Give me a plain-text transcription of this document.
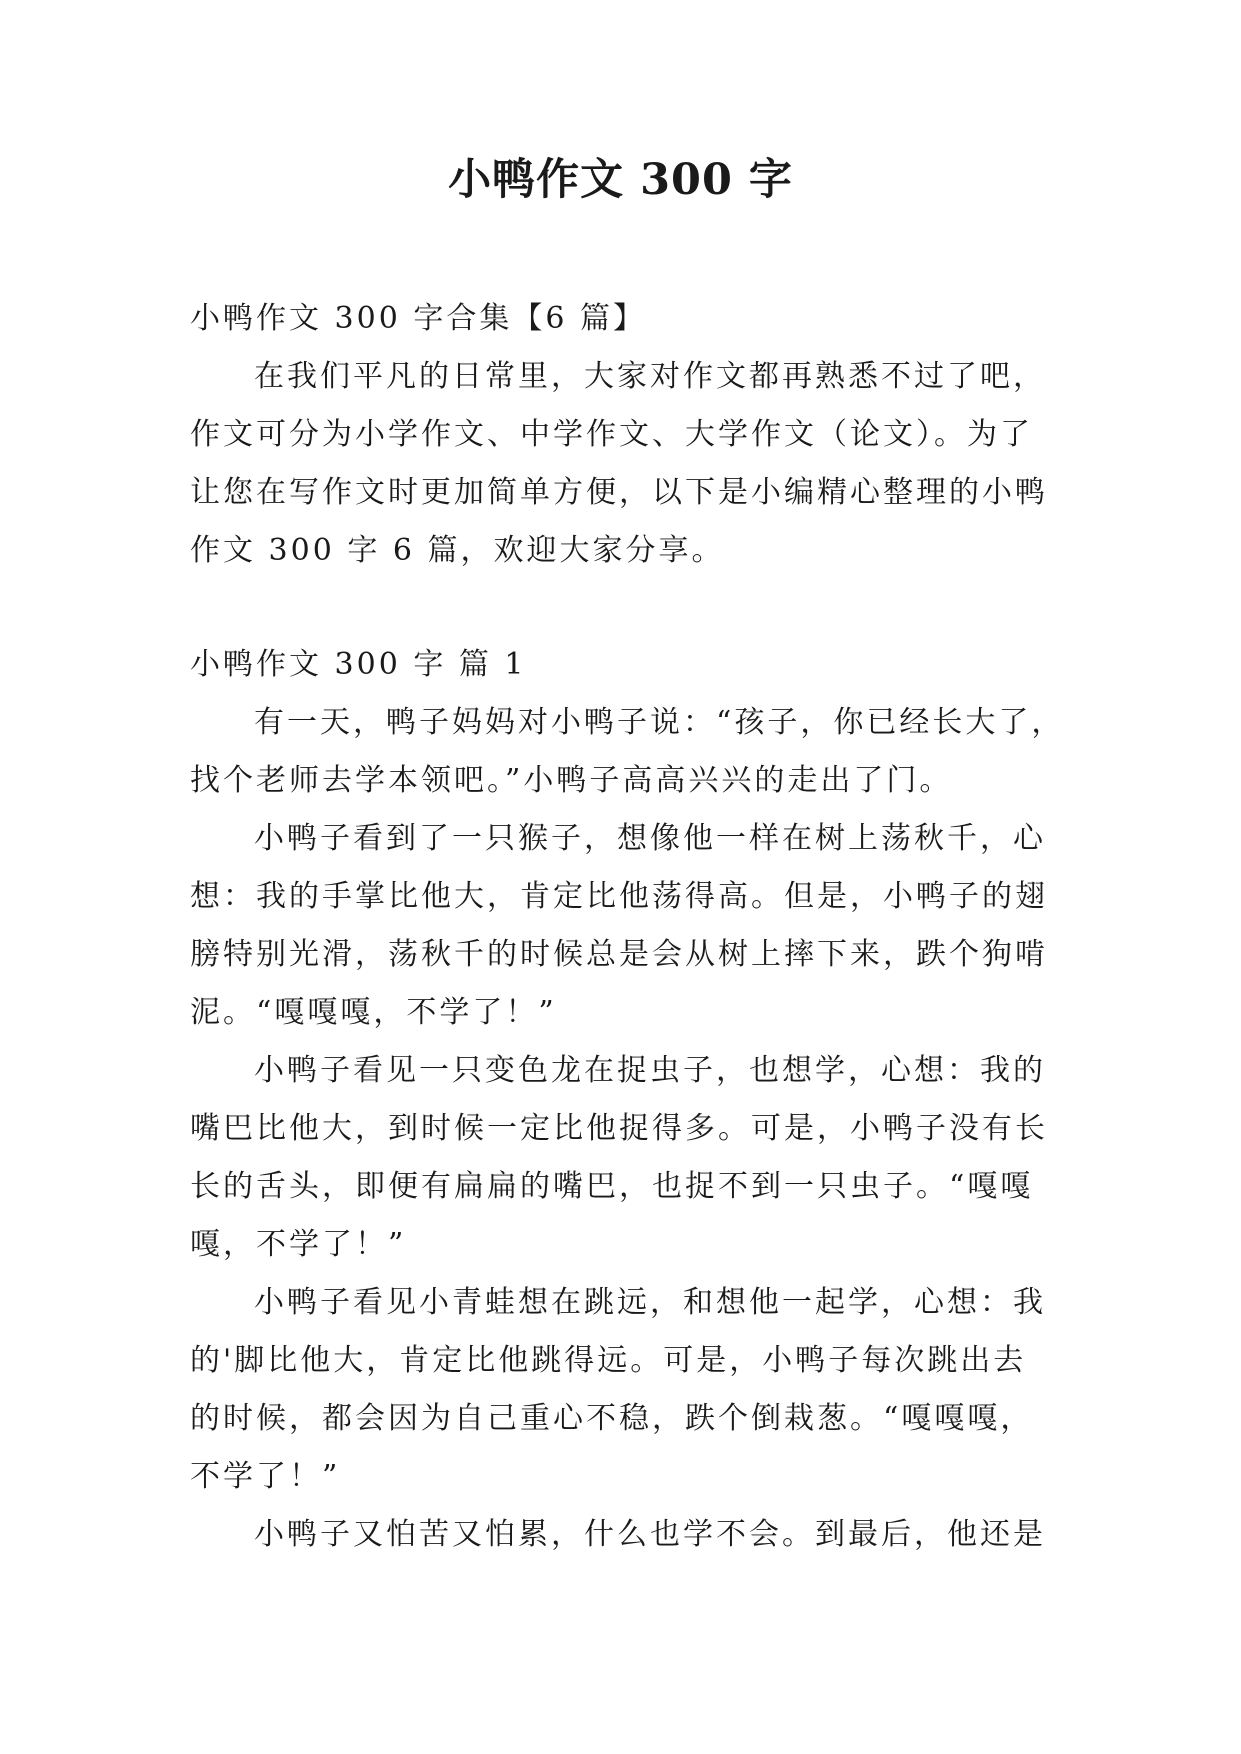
小鸭作文 300 字

小鸭作文 300 字合集【6 篇】

在我们平凡的日常里，大家对作文都再熟悉不过了吧，

作文可分为小学作文、中学作文、大学作文（论文）。为了

让您在写作文时更加简单方便，以下是小编精心整理的小鸭

作文 300 字 6 篇，欢迎大家分享。

小鸭作文 300 字 篇 1

有一天，鸭子妈妈对小鸭子说：“孩子，你已经长大了，

找个老师去学本领吧。”小鸭子高高兴兴的走出了门。

小鸭子看到了一只猴子，想像他一样在树上荡秋千，心

想：我的手掌比他大，肯定比他荡得高。但是，小鸭子的翅

膀特别光滑，荡秋千的时候总是会从树上摔下来，跌个狗啃

泥。“嘎嘎嘎，不学了！”

小鸭子看见一只变色龙在捉虫子，也想学，心想：我的

嘴巴比他大，到时候一定比他捉得多。可是，小鸭子没有长

长的舌头，即便有扁扁的嘴巴，也捉不到一只虫子。“嘎嘎

嘎，不学了！”

小鸭子看见小青蛙想在跳远，和想他一起学，心想：我

的'脚比他大，肯定比他跳得远。可是，小鸭子每次跳出去

的时候，都会因为自己重心不稳，跌个倒栽葱。“嘎嘎嘎，

不学了！”

小鸭子又怕苦又怕累，什么也学不会。到最后，他还是
